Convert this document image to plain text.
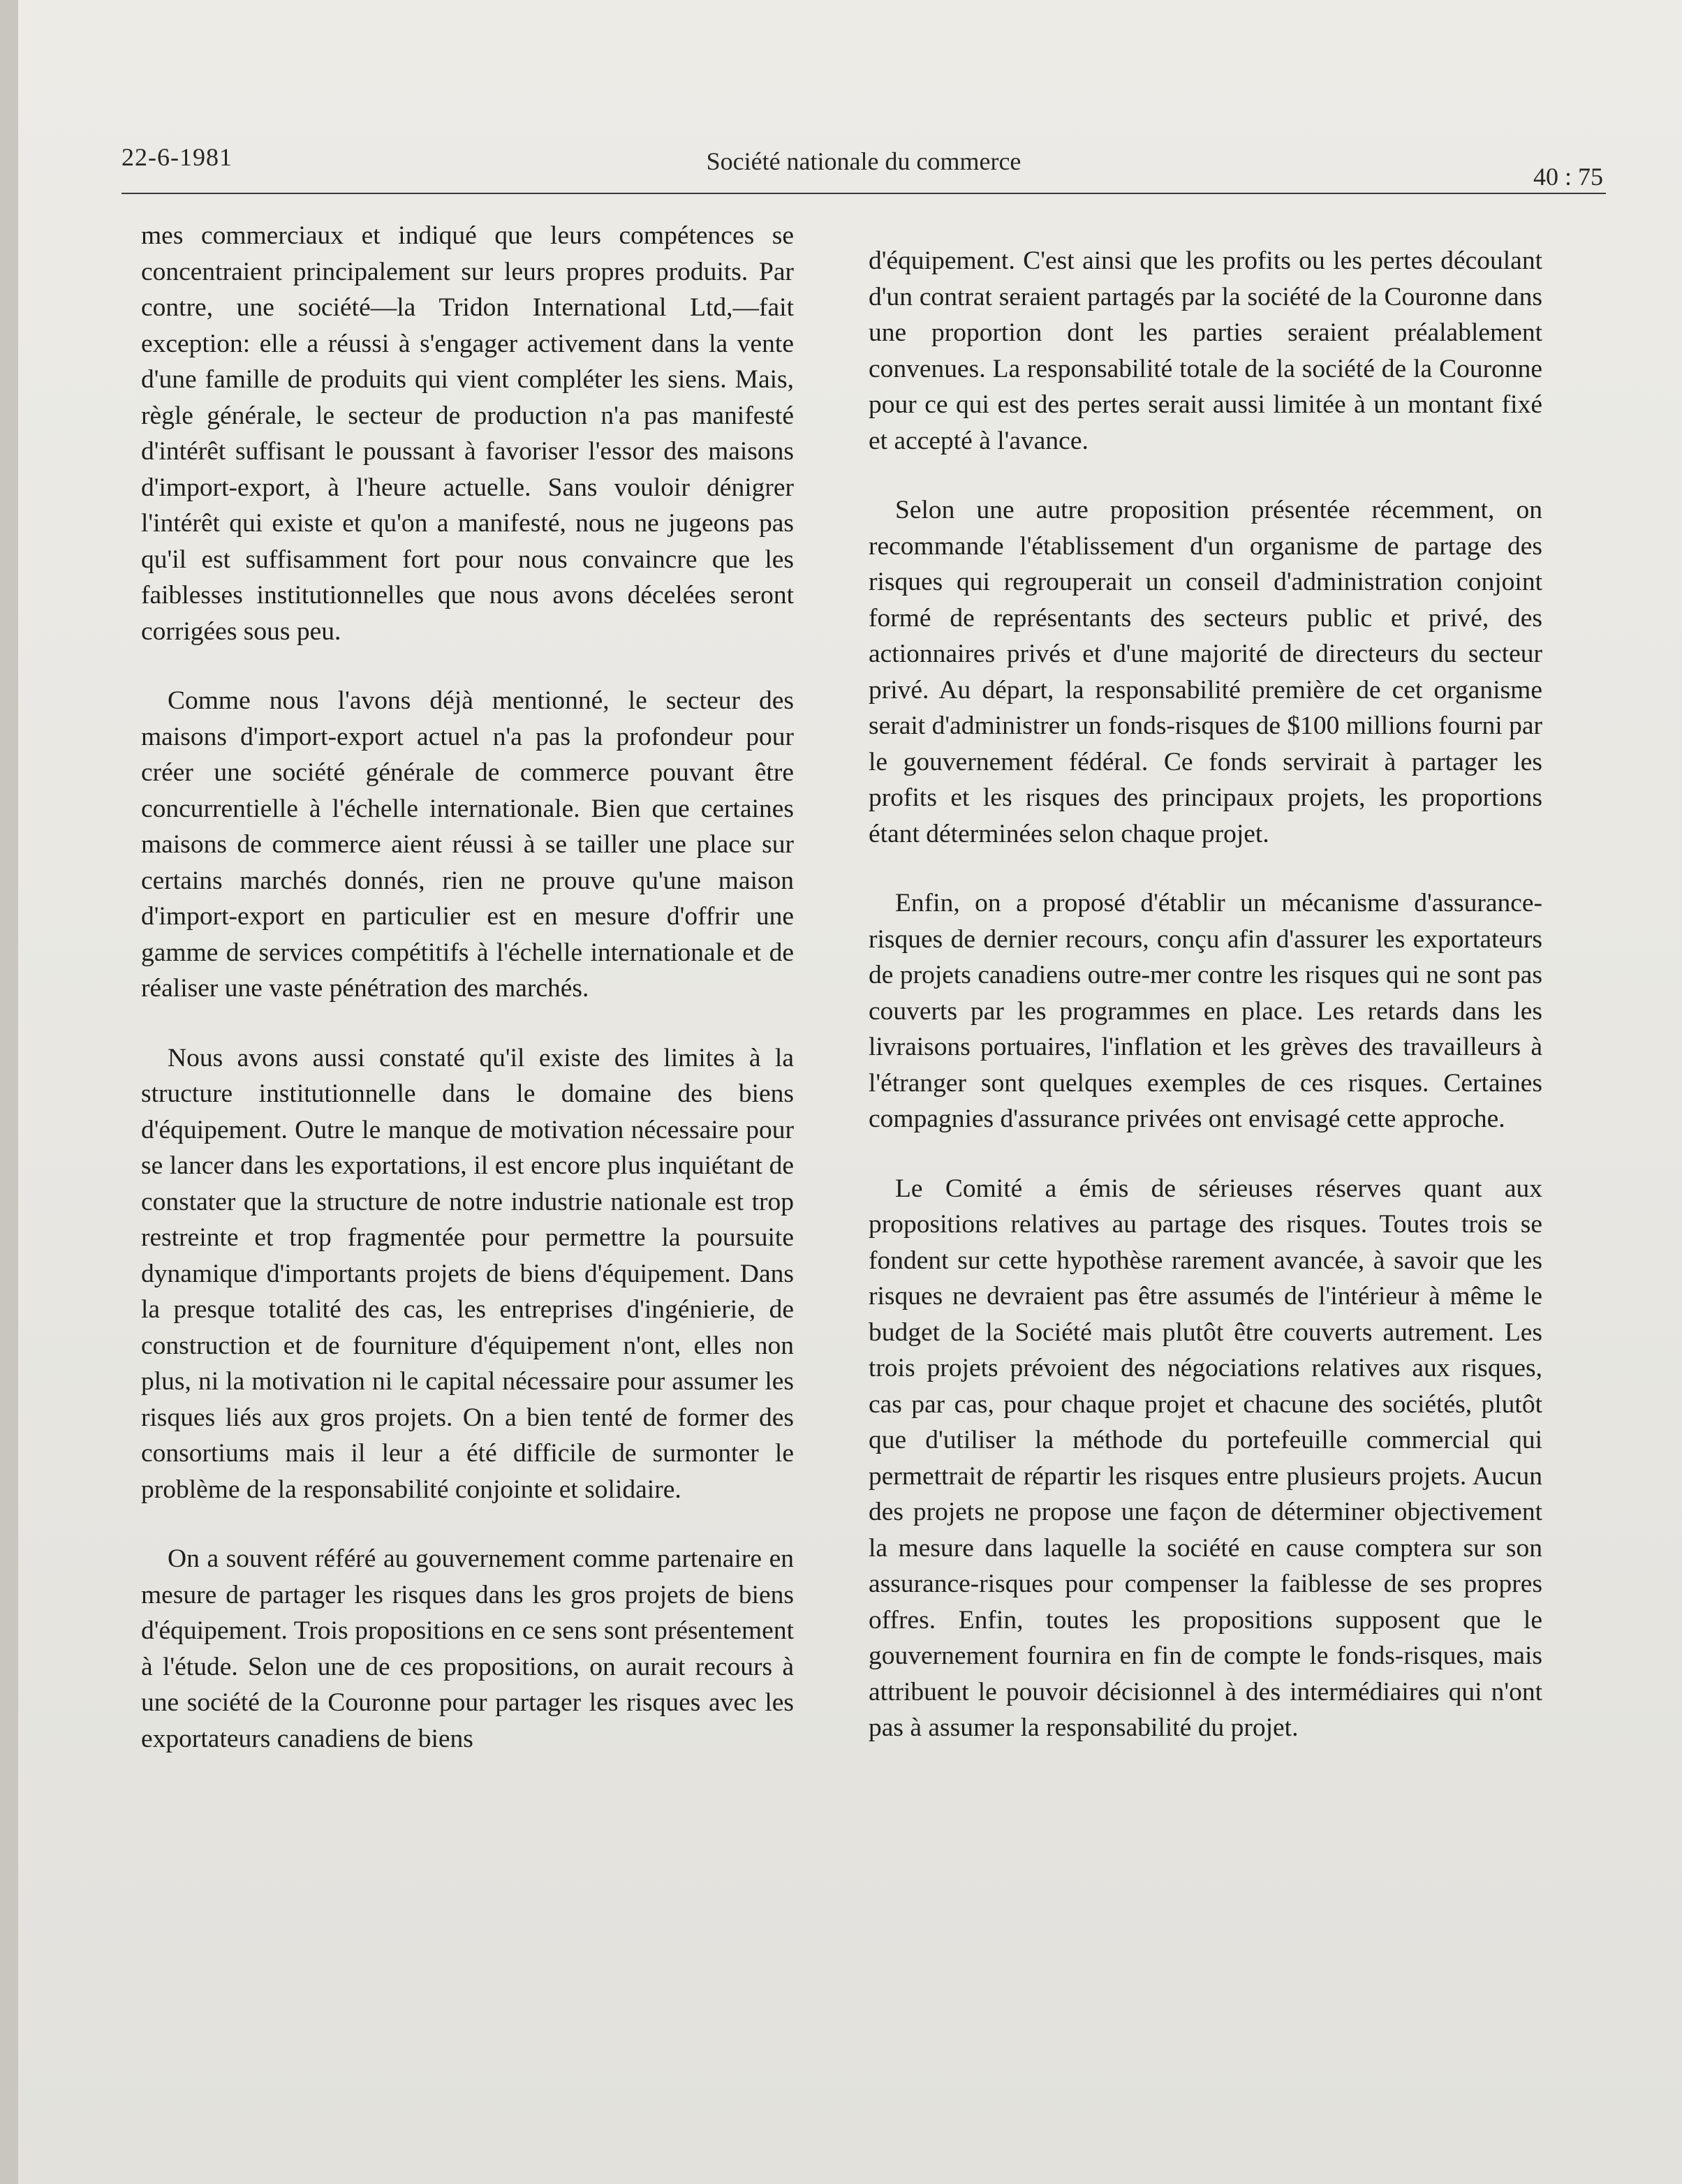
22-6-1981	Société nationale du commerce
40 : 75

mes commerciaux et indiqué que leurs compétences se concentraient principalement sur leurs propres produits. Par contre, une société—la Tridon International Ltd,—fait exception: elle a réussi à s'engager activement dans la vente d'une famille de produits qui vient compléter les siens. Mais, règle générale, le secteur de production n'a pas manifesté d'intérêt suffisant le poussant à favoriser l'essor des maisons d'import-export, à l'heure actuelle. Sans vouloir dénigrer l'intérêt qui existe et qu'on a manifesté, nous ne jugeons pas qu'il est suffisamment fort pour nous convaincre que les faiblesses institutionnelles que nous avons décelées seront corrigées sous peu.

Comme nous l'avons déjà mentionné, le secteur des maisons d'import-export actuel n'a pas la profondeur pour créer une société générale de commerce pouvant être concurrentielle à l'échelle internationale. Bien que certaines maisons de commerce aient réussi à se tailler une place sur certains marchés donnés, rien ne prouve qu'une maison d'import-export en particulier est en mesure d'offrir une gamme de services compétitifs à l'échelle internationale et de réaliser une vaste pénétration des marchés.

Nous avons aussi constaté qu'il existe des limites à la structure institutionnelle dans le domaine des biens d'équipement. Outre le manque de motivation nécessaire pour se lancer dans les exportations, il est encore plus inquiétant de constater que la structure de notre industrie nationale est trop restreinte et trop fragmentée pour permettre la poursuite dynamique d'importants projets de biens d'équipement. Dans la presque totalité des cas, les entreprises d'ingénierie, de construction et de fourniture d'équipement n'ont, elles non plus, ni la motivation ni le capital nécessaire pour assumer les risques liés aux gros projets. On a bien tenté de former des consortiums mais il leur a été difficile de surmonter le problème de la responsabilité conjointe et solidaire.

On a souvent référé au gouvernement comme partenaire en mesure de partager les risques dans les gros projets de biens d'équipement. Trois propositions en ce sens sont présentement à l'étude. Selon une de ces propositions, on aurait recours à une société de la Couronne pour partager les risques avec les exportateurs canadiens de biens

d'équipement. C'est ainsi que les profits ou les pertes découlant d'un contrat seraient partagés par la société de la Couronne dans une proportion dont les parties seraient préalablement convenues. La responsabilité totale de la société de la Couronne pour ce qui est des pertes serait aussi limitée à un montant fixé et accepté à l'avance.

Selon une autre proposition présentée récemment, on recommande l'établissement d'un organisme de partage des risques qui regrouperait un conseil d'administration conjoint formé de représentants des secteurs public et privé, des actionnaires privés et d'une majorité de directeurs du secteur privé. Au départ, la responsabilité première de cet organisme serait d'administrer un fonds-risques de $100 millions fourni par le gouvernement fédéral. Ce fonds servirait à partager les profits et les risques des principaux projets, les proportions étant déterminées selon chaque projet.

Enfin, on a proposé d'établir un mécanisme d'assurance-risques de dernier recours, conçu afin d'assurer les exportateurs de projets canadiens outre-mer contre les risques qui ne sont pas couverts par les programmes en place. Les retards dans les livraisons portuaires, l'inflation et les grèves des travailleurs à l'étranger sont quelques exemples de ces risques. Certaines compagnies d'assurance privées ont envisagé cette approche.

Le Comité a émis de sérieuses réserves quant aux propositions relatives au partage des risques. Toutes trois se fondent sur cette hypothèse rarement avancée, à savoir que les risques ne devraient pas être assumés de l'intérieur à même le budget de la Société mais plutôt être couverts autrement. Les trois projets prévoient des négociations relatives aux risques, cas par cas, pour chaque projet et chacune des sociétés, plutôt que d'utiliser la méthode du portefeuille commercial qui permettrait de répartir les risques entre plusieurs projets. Aucun des projets ne propose une façon de déterminer objectivement la mesure dans laquelle la société en cause comptera sur son assurance-risques pour compenser la faiblesse de ses propres offres. Enfin, toutes les propositions supposent que le gouvernement fournira en fin de compte le fonds-risques, mais attribuent le pouvoir décisionnel à des intermédiaires qui n'ont pas à assumer la responsabilité du projet.
